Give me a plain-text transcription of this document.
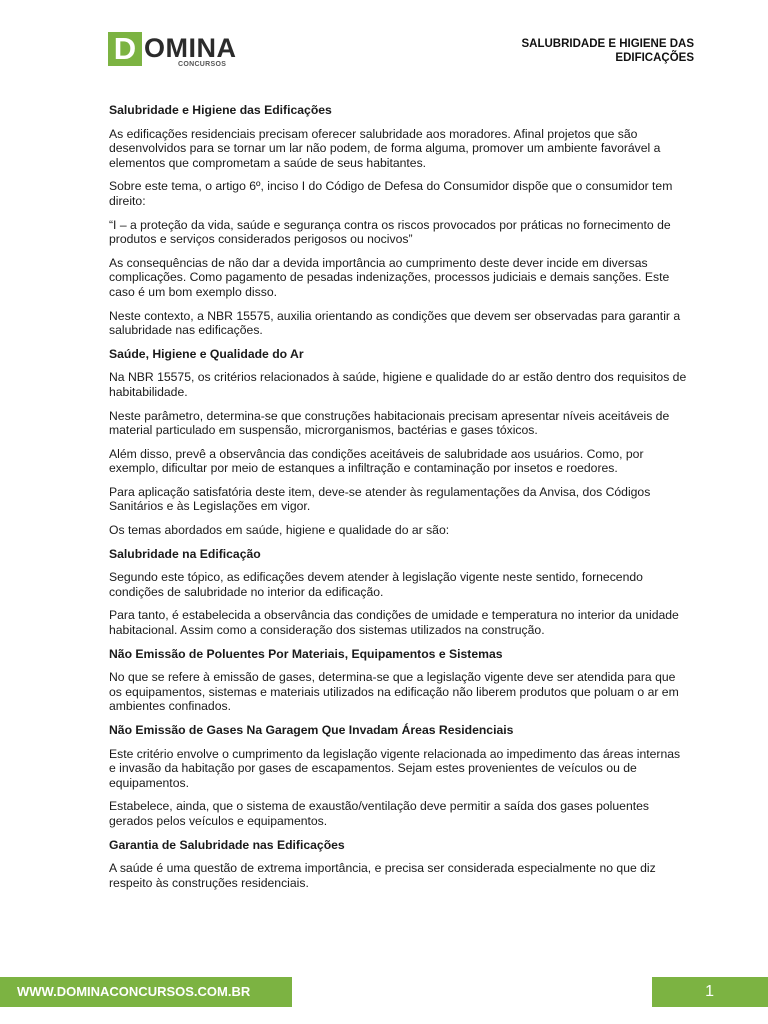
D OMINA
CONCURSOS
SALUBRIDADE E HIGIENE DAS
EDIFICAÇÕES
Salubridade e Higiene das Edificações

As edificações residenciais precisam oferecer salubridade aos moradores. Afinal projetos que são desenvolvidos para se tornar um lar não podem, de forma alguma, promover um ambiente favorável a elementos que comprometam a saúde de seus habitantes.

Sobre este tema, o artigo 6º, inciso I do Código de Defesa do Consumidor dispõe que o consumidor tem direito:

“I – a proteção da vida, saúde e segurança contra os riscos provocados por práticas no fornecimento de produtos e serviços considerados perigosos ou nocivos”

As consequências de não dar a devida importância ao cumprimento deste dever incide em diversas complicações. Como pagamento de pesadas indenizações, processos judiciais e demais sanções. Este caso é um bom exemplo disso.

Neste contexto, a NBR 15575, auxilia orientando as condições que devem ser observadas para garantir a salubridade nas edificações.

Saúde, Higiene e Qualidade do Ar

Na NBR 15575, os critérios relacionados à saúde, higiene e qualidade do ar estão dentro dos requisitos de habitabilidade.

Neste parâmetro, determina-se que construções habitacionais precisam apresentar níveis aceitáveis de material particulado em suspensão, microrganismos, bactérias e gases tóxicos.

Além disso, prevê a observância das condições aceitáveis de salubridade aos usuários. Como, por exemplo, dificultar por meio de estanques a infiltração e contaminação por insetos e roedores.

Para aplicação satisfatória deste item, deve-se atender às regulamentações da Anvisa, dos Códigos Sanitários e às Legislações em vigor.

Os temas abordados em saúde, higiene e qualidade do ar são:

Salubridade na Edificação

Segundo este tópico, as edificações devem atender à legislação vigente neste sentido, fornecendo condições de salubridade no interior da edificação.

Para tanto, é estabelecida a observância das condições de umidade e temperatura no interior da unidade habitacional. Assim como a consideração dos sistemas utilizados na construção.

Não Emissão de Poluentes Por Materiais, Equipamentos e Sistemas

No que se refere à emissão de gases, determina-se que a legislação vigente deve ser atendida para que os equipamentos, sistemas e materiais utilizados na edificação não liberem produtos que poluam o ar em ambientes confinados.

Não Emissão de Gases Na Garagem Que Invadam Áreas Residenciais

Este critério envolve o cumprimento da legislação vigente relacionada ao impedimento das áreas internas e invasão da habitação por gases de escapamentos. Sejam estes provenientes de veículos ou de equipamentos.

Estabelece, ainda, que o sistema de exaustão/ventilação deve permitir a saída dos gases poluentes gerados pelos veículos e equipamentos.

Garantia de Salubridade nas Edificações

A saúde é uma questão de extrema importância, e precisa ser considerada especialmente no que diz respeito às construções residenciais.

WWW.DOMINACONCURSOS.COM.BR	1
